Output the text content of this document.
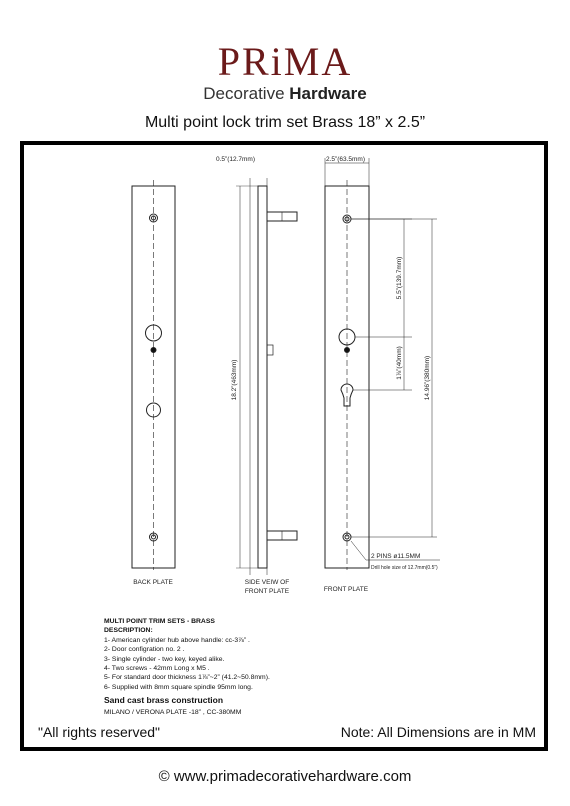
PRiMA
Decorative Hardware
Multi point lock trim set Brass 18” x 2.5”
0.5”(12.7mm)	2.5”(63.5mm)
18.2”(463mm)
5.5”(139.7mm)
1⅞”(40mm)	14.96”(380mm)
2 PINS ø11.5MM
Drill hole size of 12.7mm(0.5”)
BACK PLATE	SIDE VEIW OF
FRONT PLATE	FRONT PLATE
MULTI POINT TRIM SETS - BRASS
DESCRIPTION:
1- American cylinder hub above handle: cc-3⅞” .
2- Door configration no. 2 .
3- Single cylinder - two key, keyed alike.
4- Two screws - 42mm Long x M5 .
5- For standard door thickness 1⅞”~2” (41.2~50.8mm).
6- Supplied with 8mm square spindle 95mm long.
Sand cast brass construction
MILANO / VERONA PLATE -18” , CC-380MM
"All rights reserved"	Note: All Dimensions are in MM
© www.primadecorativehardware.com
